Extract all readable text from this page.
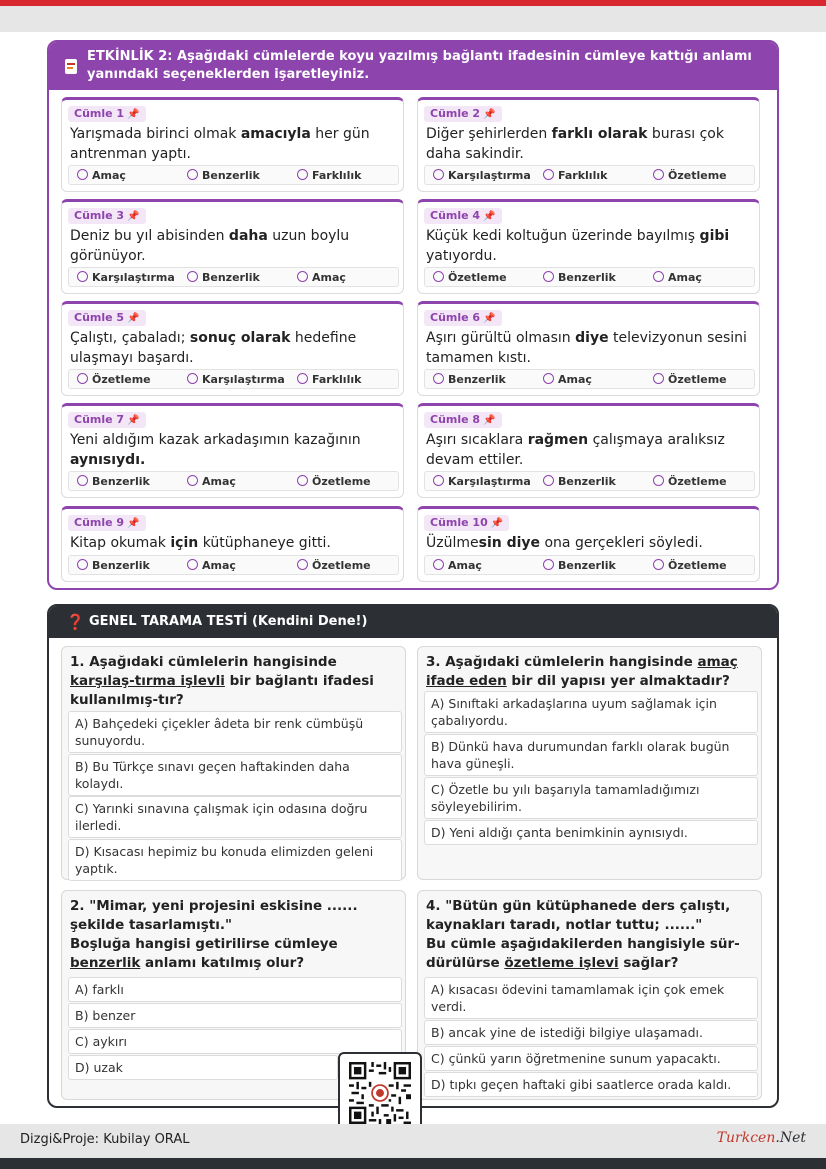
ETKİNLİK 2: Aşağıdaki cümlelerde koyu yazılmış bağlantı ifadesinin cümleye kattığı anlamı yanındaki seçeneklerden işaretleyiniz.
Cümle 1 📌
Yarışmada birinci olmak amacıyla her gün antrenman yaptı.
Amaç	Benzerlik	Farklılık
Cümle 2 📌
Diğer şehirlerden farklı olarak burası çok daha sakindir.
Karşılaştırma	Farklılık	Özetleme
Cümle 3 📌
Deniz bu yıl abisinden daha uzun boylu görünüyor.
Karşılaştırma	Benzerlik	Amaç
Cümle 4 📌
Küçük kedi koltuğun üzerinde bayılmış gibi yatıyordu.
Özetleme	Benzerlik	Amaç
Cümle 5 📌
Çalıştı, çabaladı; sonuç olarak hedefine ulaşmayı başardı.
Özetleme	Karşılaştırma	Farklılık
Cümle 6 📌
Aşırı gürültü olmasın diye televizyonun sesini tamamen kıstı.
Benzerlik	Amaç	Özetleme
Cümle 7 📌
Yeni aldığım kazak arkadaşımın kazağının aynısıydı.
Benzerlik	Amaç	Özetleme
Cümle 8 📌
Aşırı sıcaklara rağmen çalışmaya aralıksız devam ettiler.
Karşılaştırma	Benzerlik	Özetleme
Cümle 9 📌
Kitap okumak için kütüphaneye gitti.
Benzerlik	Amaç	Özetleme
Cümle 10 📌
Üzülmesin diye ona gerçekleri söyledi.
Amaç	Benzerlik	Özetleme
❓ GENEL TARAMA TESTİ (Kendini Dene!)
1. Aşağıdaki cümlelerin hangisinde karşılaş-tırma işlevli bir bağlantı ifadesi kullanılmış-tır?
A) Bahçedeki çiçekler âdeta bir renk cümbüşü sunuyordu.
B) Bu Türkçe sınavı geçen haftakinden daha kolaydı.
C) Yarınki sınavına çalışmak için odasına doğru ilerledi.
D) Kısacası hepimiz bu konuda elimizden geleni yaptık.
2. "Mimar, yeni projesini eskisine ...... şekilde tasarlamıştı."
Boşluğa hangisi getirilirse cümleye benzerlik anlamı katılmış olur?
A) farklı
B) benzer
C) aykırı
D) uzak
3. Aşağıdaki cümlelerin hangisinde amaç
ifade eden bir dil yapısı yer almaktadır?
A) Sınıftaki arkadaşlarına uyum sağlamak için çabalıyordu.
B) Dünkü hava durumundan farklı olarak bugün hava güneşli.
C) Özetle bu yılı başarıyla tamamladığımızı söyleyebilirim.
D) Yeni aldığı çanta benimkinin aynısıydı.
4. "Bütün gün kütüphanede ders çalıştı, kaynakları taradı, notlar tuttu; ......"
Bu cümle aşağıdakilerden hangisiyle sür-dürülürse özetleme işlevi sağlar?
A) kısacası ödevini tamamlamak için çok emek verdi.
B) ancak yine de istediği bilgiye ulaşamadı.
C) çünkü yarın öğretmenine sunum yapacaktı.
D) tıpkı geçen haftaki gibi saatlerce orada kaldı.
Dizgi&Proje: Kubilay ORAL	Turkcen.Net
